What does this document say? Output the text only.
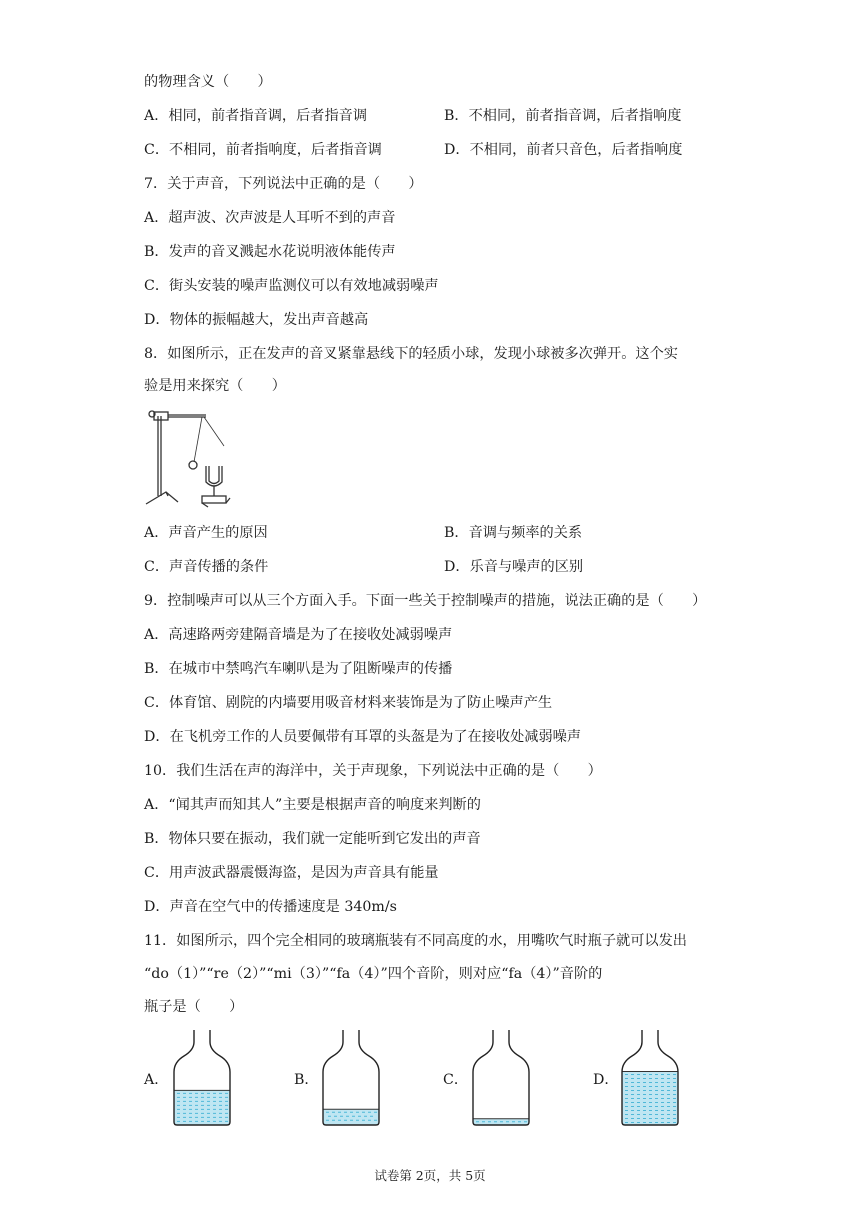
的物理含义（　　）
A．相同，前者指音调，后者指音调	B．不相同，前者指音调，后者指响度
C．不相同，前者指响度，后者指音调	D．不相同，前者只音色，后者指响度
7．关于声音，下列说法中正确的是（　　）
A．超声波、次声波是人耳听不到的声音
B．发声的音叉溅起水花说明液体能传声
C．街头安装的噪声监测仪可以有效地减弱噪声
D．物体的振幅越大，发出声音越高
8．如图所示，正在发声的音叉紧靠悬线下的轻质小球，发现小球被多次弹开。这个实
验是用来探究（　　）
A．声音产生的原因	B．音调与频率的关系
C．声音传播的条件	D．乐音与噪声的区别
9．控制噪声可以从三个方面入手。下面一些关于控制噪声的措施，说法正确的是（　　）
A．高速路两旁建隔音墙是为了在接收处减弱噪声
B．在城市中禁鸣汽车喇叭是为了阻断噪声的传播
C．体育馆、剧院的内墙要用吸音材料来装饰是为了防止噪声产生
D．在飞机旁工作的人员要佩带有耳罩的头盔是为了在接收处减弱噪声
10．我们生活在声的海洋中，关于声现象，下列说法中正确的是（　　）
A．“闻其声而知其人”主要是根据声音的响度来判断的
B．物体只要在振动，我们就一定能听到它发出的声音
C．用声波武器震慑海盗，是因为声音具有能量
D．声音在空气中的传播速度是 340m/s
11．如图所示，四个完全相同的玻璃瓶装有不同高度的水，用嘴吹气时瓶子就可以发出
“do（1）”“re（2）”“mi（3）”“fa（4）”四个音阶，则对应“fa（4）”音阶的
瓶子是（　　）
A．	B．	C．	D．
试卷第 2页，共 5页
